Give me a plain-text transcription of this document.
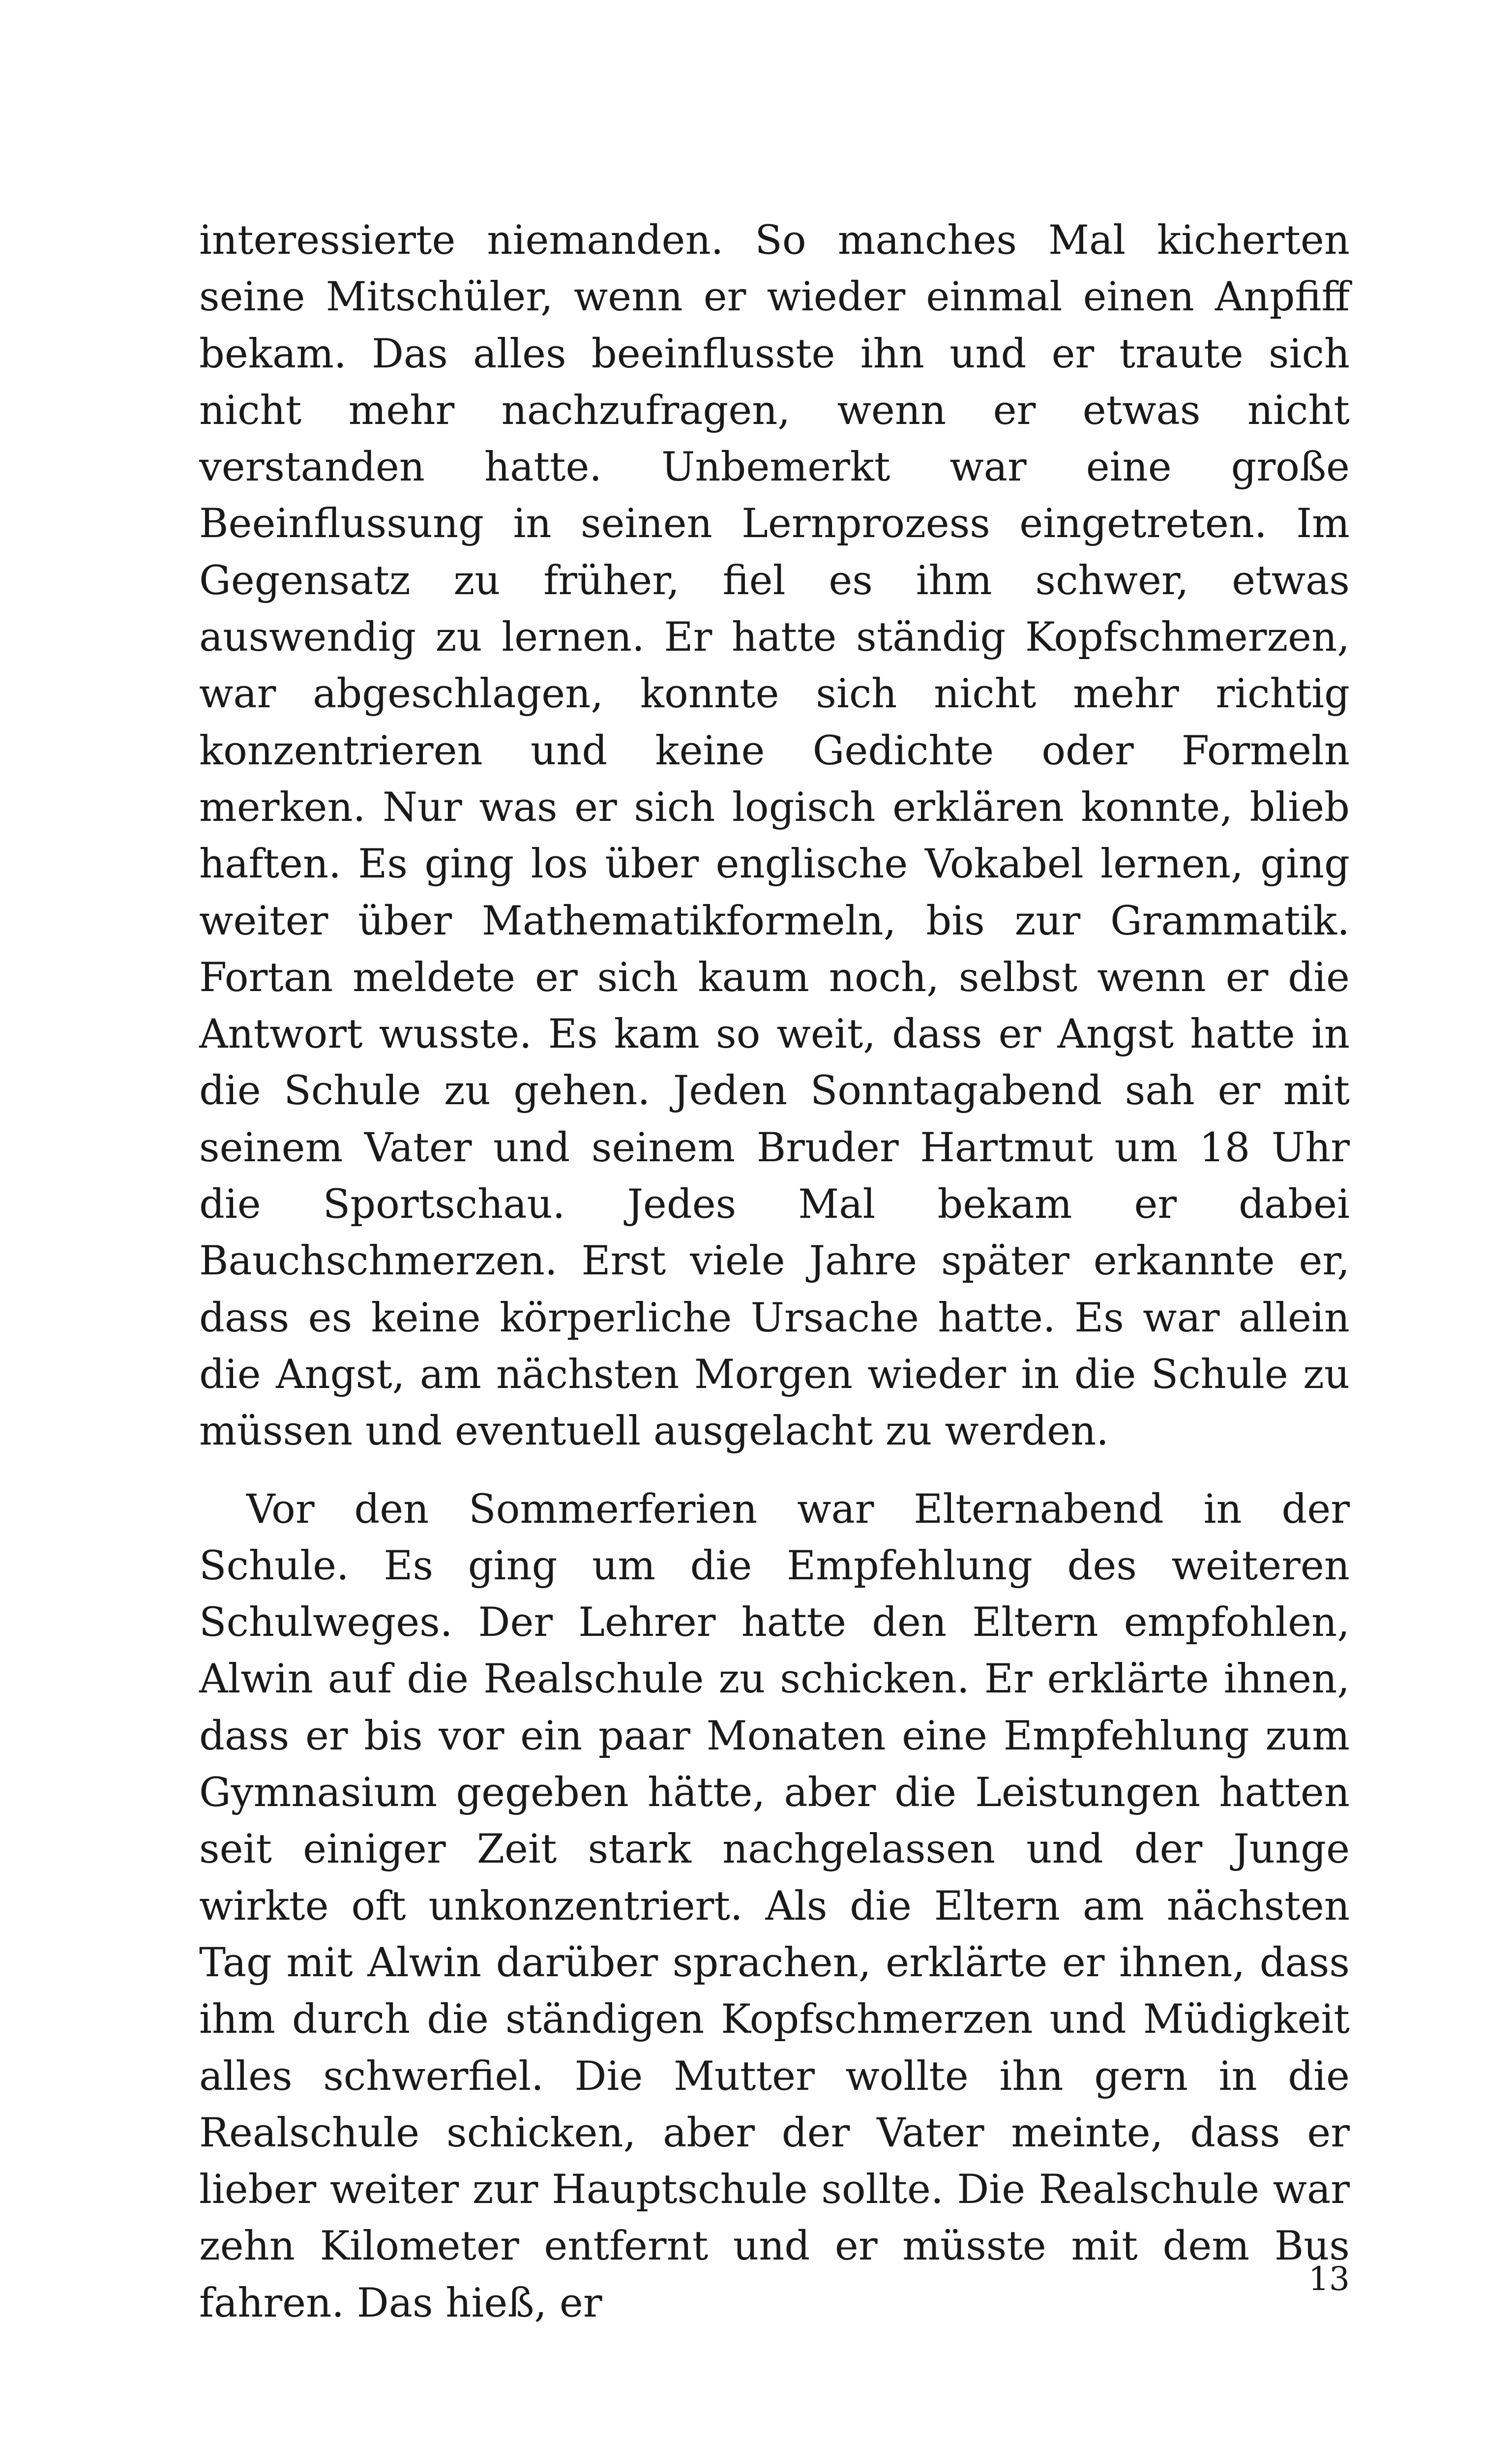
interessierte niemanden. So manches Mal kicherten seine Mitschüler, wenn er wieder einmal einen Anpfiff bekam. Das alles beeinflusste ihn und er traute sich nicht mehr nachzufragen, wenn er etwas nicht verstanden hatte. Unbemerkt war eine große Beeinflussung in seinen Lernprozess eingetreten. Im Gegensatz zu früher, fiel es ihm schwer, etwas auswendig zu lernen. Er hatte ständig Kopfschmerzen, war abgeschlagen, konnte sich nicht mehr richtig konzentrieren und keine Gedichte oder Formeln merken. Nur was er sich logisch erklären konnte, blieb haften. Es ging los über englische Vokabel lernen, ging weiter über Mathematikformeln, bis zur Grammatik. Fortan meldete er sich kaum noch, selbst wenn er die Antwort wusste. Es kam so weit, dass er Angst hatte in die Schule zu gehen. Jeden Sonntagabend sah er mit seinem Vater und seinem Bruder Hartmut um 18 Uhr die Sportschau. Jedes Mal bekam er dabei Bauchschmerzen. Erst viele Jahre später erkannte er, dass es keine körperliche Ursache hatte. Es war allein die Angst, am nächsten Morgen wieder in die Schule zu müssen und eventuell ausgelacht zu werden.

Vor den Sommerferien war Elternabend in der Schule. Es ging um die Empfehlung des weiteren Schulweges. Der Lehrer hatte den Eltern empfohlen, Alwin auf die Realschule zu schicken. Er erklärte ihnen, dass er bis vor ein paar Monaten eine Empfehlung zum Gymnasium gegeben hätte, aber die Leistungen hatten seit einiger Zeit stark nachgelassen und der Junge wirkte oft unkonzentriert. Als die Eltern am nächsten Tag mit Alwin darüber sprachen, erklärte er ihnen, dass ihm durch die ständigen Kopfschmerzen und Müdigkeit alles schwerfiel. Die Mutter wollte ihn gern in die Realschule schicken, aber der Vater meinte, dass er lieber weiter zur Hauptschule sollte. Die Realschule war zehn Kilometer entfernt und er müsste mit dem Bus fahren. Das hieß, er

13
